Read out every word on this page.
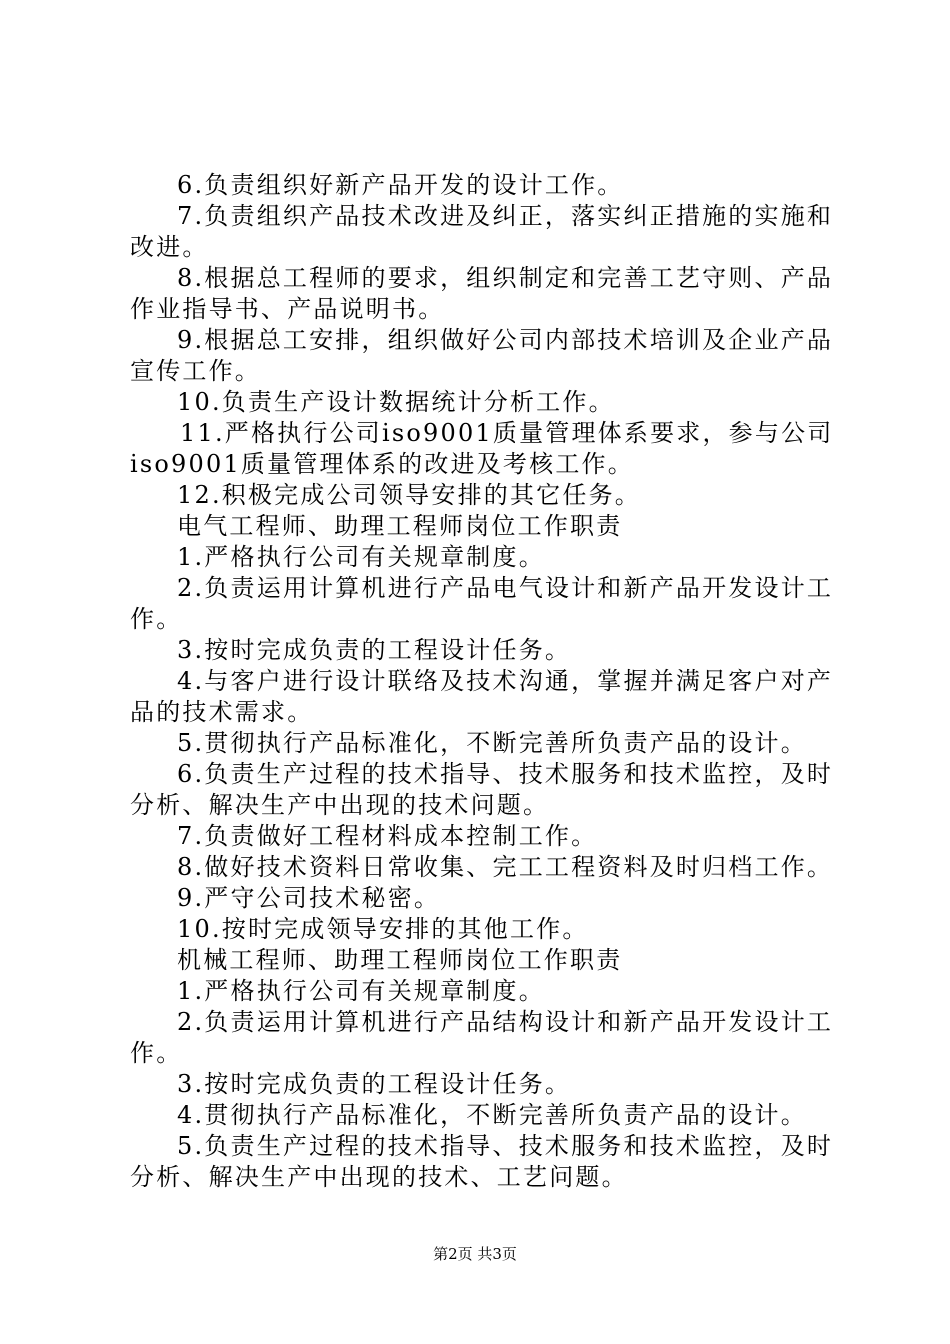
6.负责组织好新产品开发的设计工作。
7.负责组织产品技术改进及纠正，落实纠正措施的实施和
改进。
8.根据总工程师的要求，组织制定和完善工艺守则、产品
作业指导书、产品说明书。
9.根据总工安排，组织做好公司内部技术培训及企业产品
宣传工作。
10.负责生产设计数据统计分析工作。
11.严格执行公司iso9001质量管理体系要求，参与公司
iso9001质量管理体系的改进及考核工作。
12.积极完成公司领导安排的其它任务。
电气工程师、助理工程师岗位工作职责
1.严格执行公司有关规章制度。
2.负责运用计算机进行产品电气设计和新产品开发设计工
作。
3.按时完成负责的工程设计任务。
4.与客户进行设计联络及技术沟通，掌握并满足客户对产
品的技术需求。
5.贯彻执行产品标准化，不断完善所负责产品的设计。
6.负责生产过程的技术指导、技术服务和技术监控，及时
分析、解决生产中出现的技术问题。
7.负责做好工程材料成本控制工作。
8.做好技术资料日常收集、完工工程资料及时归档工作。
9.严守公司技术秘密。
10.按时完成领导安排的其他工作。
机械工程师、助理工程师岗位工作职责
1.严格执行公司有关规章制度。
2.负责运用计算机进行产品结构设计和新产品开发设计工
作。
3.按时完成负责的工程设计任务。
4.贯彻执行产品标准化，不断完善所负责产品的设计。
5.负责生产过程的技术指导、技术服务和技术监控，及时
分析、解决生产中出现的技术、工艺问题。
第2页 共3页
